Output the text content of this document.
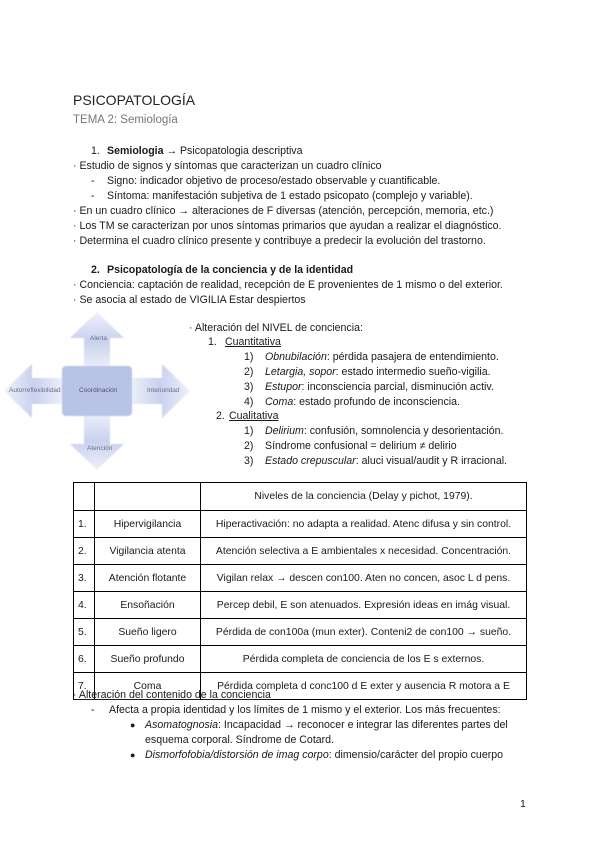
PSICOPATOLOGÍA
TEMA 2: Semiología
1. Semiologia → Psicopatologia descriptiva
· Estudio de signos y síntomas que caracterizan un cuadro clínico
- Signo: indicador objetivo de proceso/estado observable y cuantificable.
- Síntoma: manifestación subjetiva de 1 estado psicopato (complejo y variable).
· En un cuadro clínico → alteraciones de F diversas (atención, percepción, memoria, etc.)
· Los TM se caracterizan por unos síntomas primarios que ayudan a realizar el diagnóstico.
· Determina el cuadro clínico presente y contribuye a predecir la evolución del trastorno.
2. Psicopatología de la conciencia y de la identidad
· Conciencia: captación de realidad, recepción de E provenientes de 1 mismo o del exterior.
· Se asocia al estado de VIGILIA Estar despiertos
Alerta
Autorreflexibilidad	Coordinación	Interioridad
Atención
· Alteración del NIVEL de conciencia:
1. Cuantitativa
1) Obnubilación: pérdida pasajera de entendimiento.
2) Letargia, sopor: estado intermedio sueño-vigilia.
3) Estupor: inconsciencia parcial, disminución activ.
4) Coma: estado profundo de inconsciencia.
2. Cualitativa
1) Delirium: confusión, somnolencia y desorientación.
2) Síndrome confusional = delirium ≠ delirio
3) Estado crepuscular: aluci visual/audit y R irracional.
		Niveles de la conciencia (Delay y pichot, 1979).
1.	Hipervigilancia	Hiperactivación: no adapta a realidad. Atenc difusa y sin control.
2.	Vigilancia atenta	Atención selectiva a E ambientales x necesidad. Concentración.
3.	Atención flotante	Vigilan relax → descen con100. Aten no concen, asoc L d pens.
4.	Ensoñación	Percep debil, E son atenuados. Expresión ideas en imág visual.
5.	Sueño ligero	Pérdida de con100a (mun exter). Conteni2 de con100 → sueño.
6.	Sueño profundo	Pérdida completa de conciencia de los E s externos.
7.	Coma	Pérdida completa d conc100 d E exter y ausencia R motora a E
· Alteración del contenido de la conciencia
- Afecta a propia identidad y los límites de 1 mismo y el exterior. Los más frecuentes:
● Asomatognosia: Incapacidad → reconocer e integrar las diferentes partes del
esquema corporal. Síndrome de Cotard.
● Dismorfofobia/distorsión de imag corpo: dimensio/carácter del propio cuerpo
1
